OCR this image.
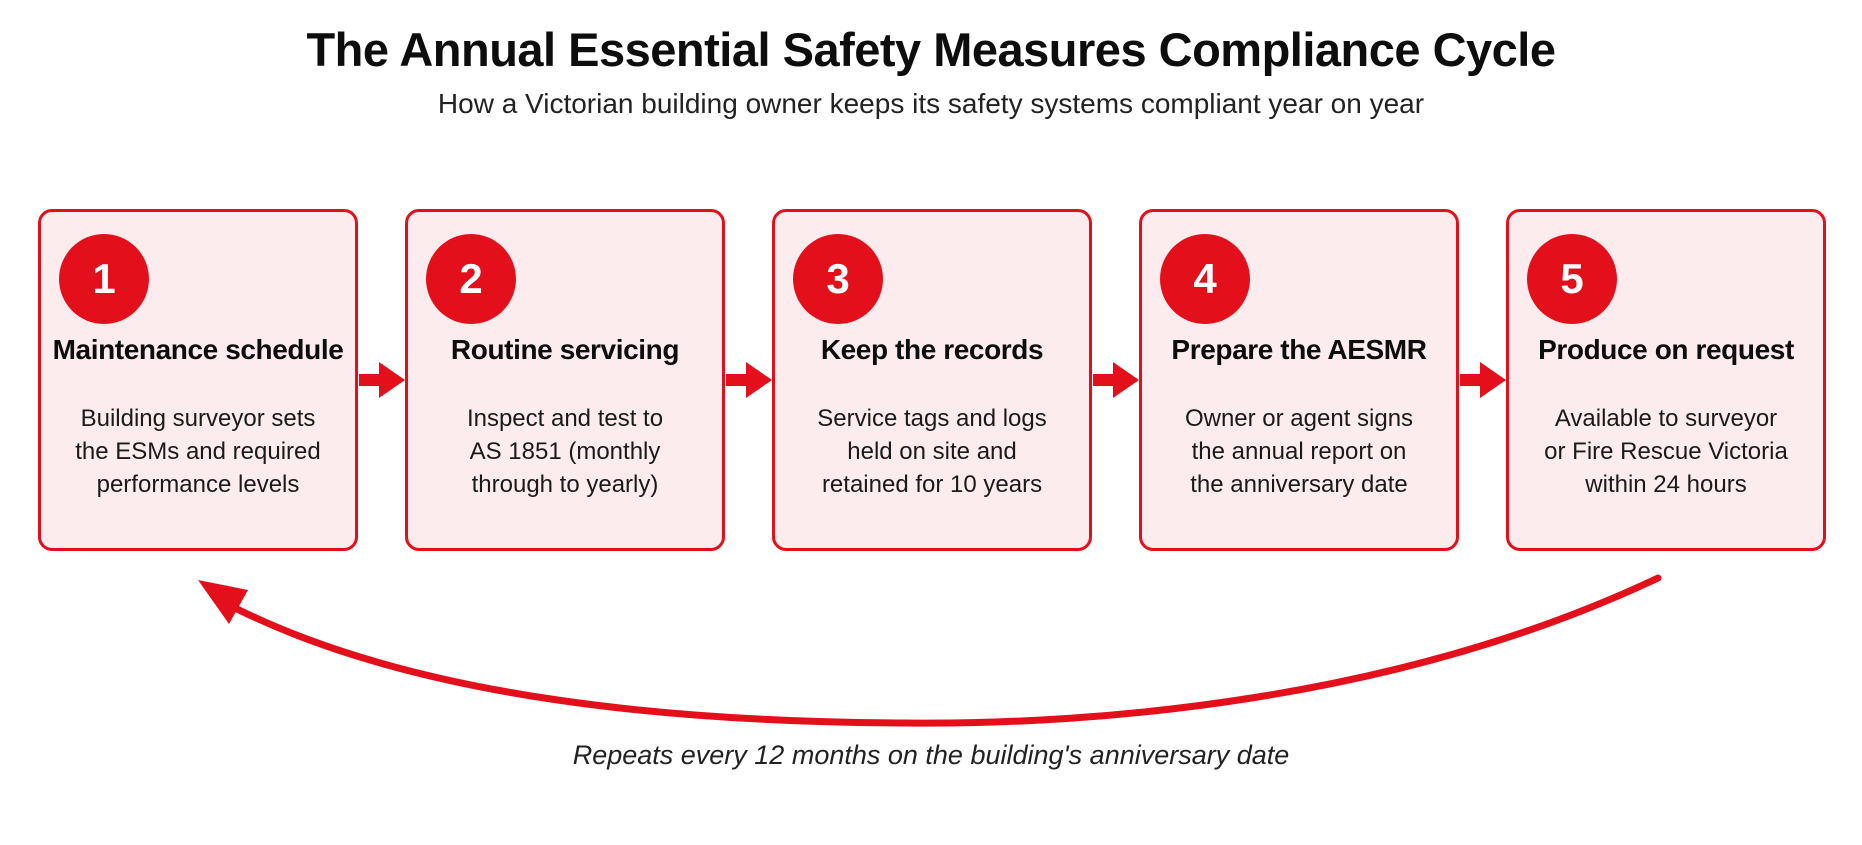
The Annual Essential Safety Measures Compliance Cycle
How a Victorian building owner keeps its safety systems compliant year on year
1
Maintenance schedule
Building surveyor sets
the ESMs and required
performance levels
2
Routine servicing
Inspect and test to
AS 1851 (monthly
through to yearly)
3
Keep the records
Service tags and logs
held on site and
retained for 10 years
4
Prepare the AESMR
Owner or agent signs
the annual report on
the anniversary date
5
Produce on request
Available to surveyor
or Fire Rescue Victoria
within 24 hours
Repeats every 12 months on the building's anniversary date
